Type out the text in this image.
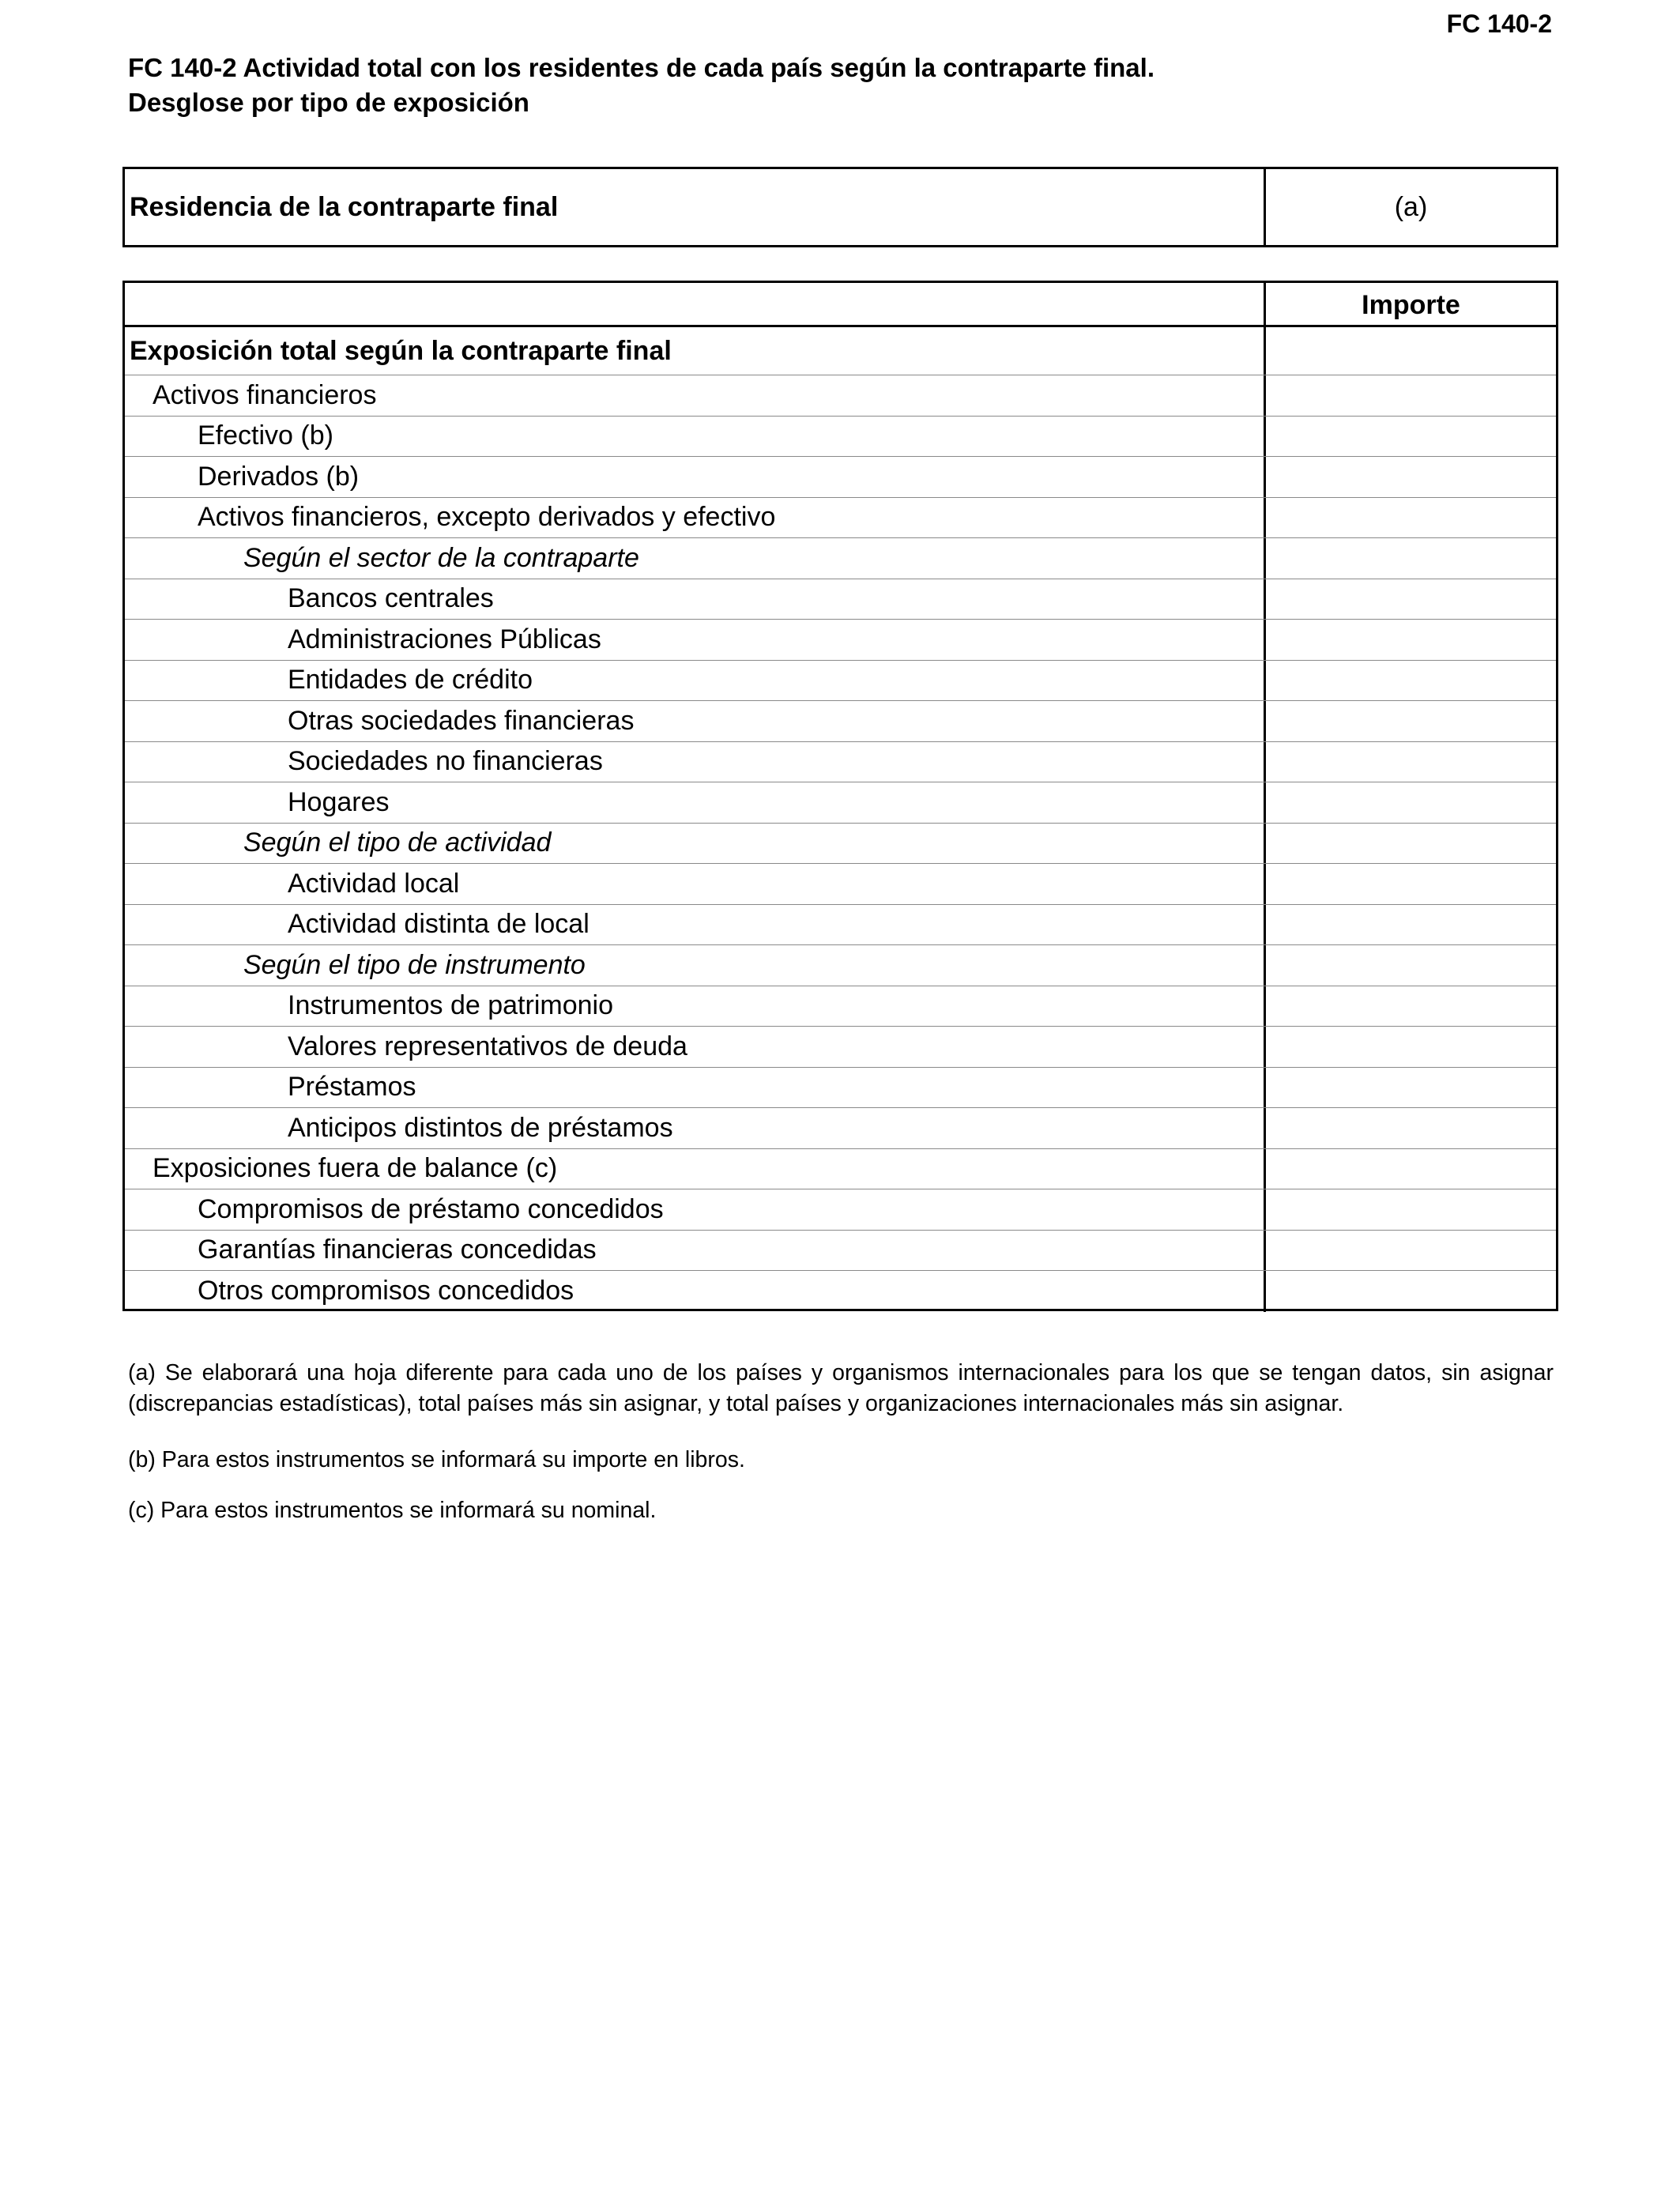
FC 140-2
FC 140-2 Actividad total con los residentes de cada país según la contraparte final.
Desglose por tipo de exposición
Residencia de la contraparte final	(a)
Importe
Exposición total según la contraparte final
Activos financieros
Efectivo (b)
Derivados (b)
Activos financieros, excepto derivados y efectivo
Según el sector de la contraparte
Bancos centrales
Administraciones Públicas
Entidades de crédito
Otras sociedades financieras
Sociedades no financieras
Hogares
Según el tipo de actividad
Actividad local
Actividad distinta de local
Según el tipo de instrumento
Instrumentos de patrimonio
Valores representativos de deuda
Préstamos
Anticipos distintos de préstamos
Exposiciones fuera de balance (c)
Compromisos de préstamo concedidos
Garantías financieras concedidas
Otros compromisos concedidos
(a) Se elaborará una hoja diferente para cada uno de los países y organismos internacionales para los que se tengan datos, sin asignar (discrepancias estadísticas), total países más sin asignar, y total países y organizaciones internacionales más sin asignar.
(b) Para estos instrumentos se informará su importe en libros.
(c) Para estos instrumentos se informará su nominal.
